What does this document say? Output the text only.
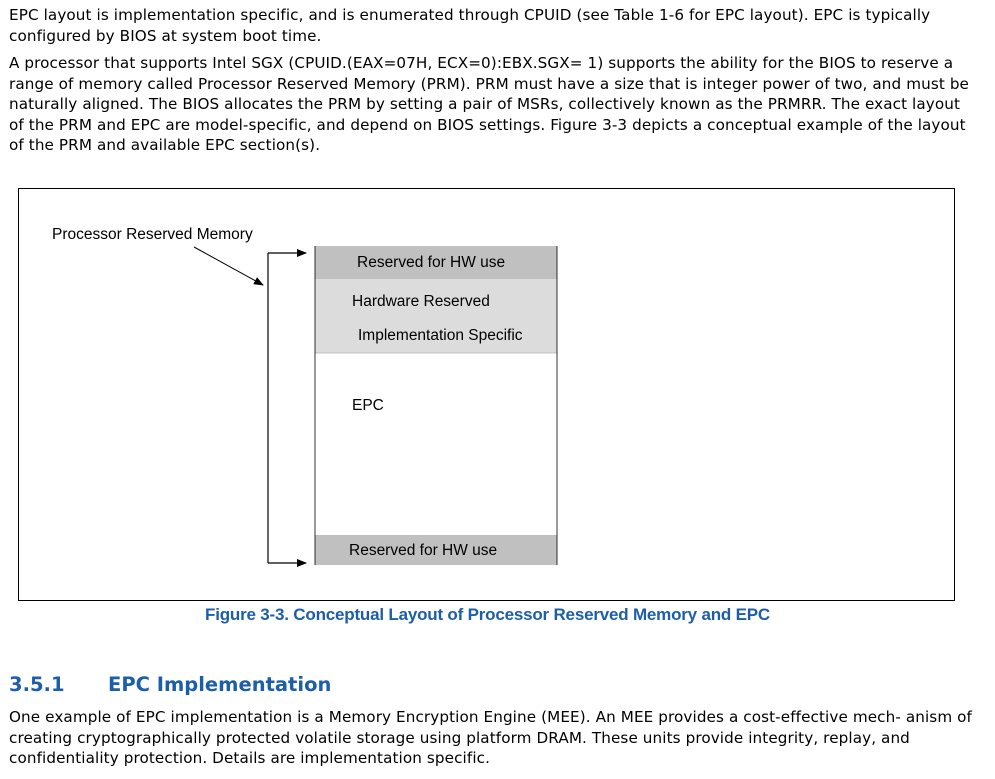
EPC layout is implementation specific, and is enumerated through CPUID (see Table 1-6 for EPC layout). EPC is typically configured by BIOS at system boot time.

A processor that supports Intel SGX (CPUID.(EAX=07H, ECX=0):EBX.SGX= 1) supports the ability for the BIOS to reserve a range of memory called Processor Reserved Memory (PRM). PRM must have a size that is integer power of two, and must be naturally aligned. The BIOS allocates the PRM by setting a pair of MSRs, collectively known as the PRMRR. The exact layout of the PRM and EPC are model-specific, and depend on BIOS settings. Figure 3-3 depicts a conceptual example of the layout of the PRM and available EPC section(s).

Processor Reserved Memory
Reserved for HW use
Hardware Reserved
Implementation Specific
EPC
Reserved for HW use
Figure 3-3. Conceptual Layout of Processor Reserved Memory and EPC
3.5.1 EPC Implementation

One example of EPC implementation is a Memory Encryption Engine (MEE). An MEE provides a cost-effective mech- anism of creating cryptographically protected volatile storage using platform DRAM. These units provide integrity, replay, and confidentiality protection. Details are implementation specific.
